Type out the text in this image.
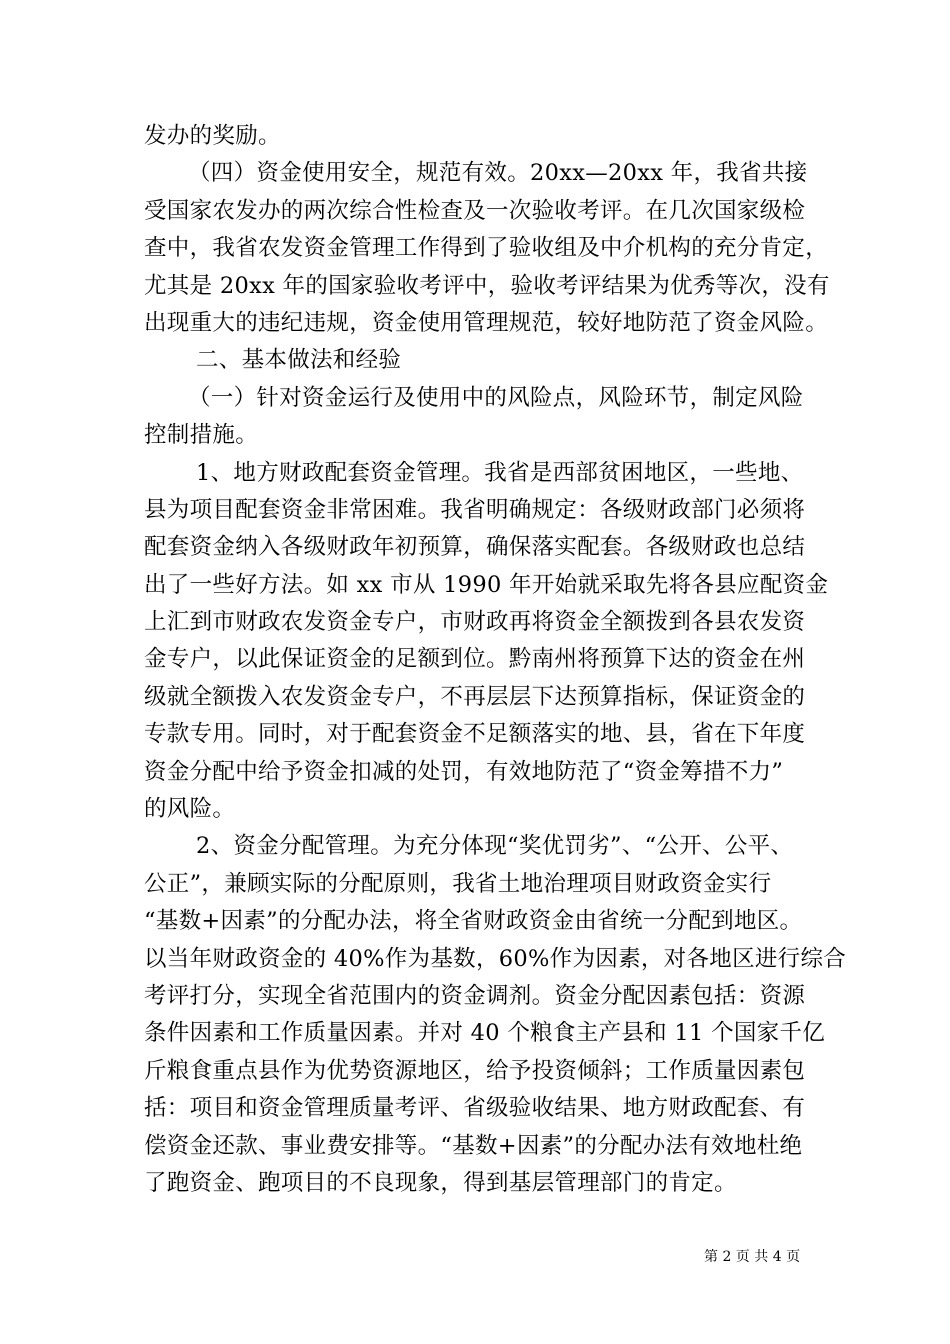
发办的奖励。
（四）资金使用安全，规范有效。20xx—20xx 年，我省共接
受国家农发办的两次综合性检查及一次验收考评。在几次国家级检
查中，我省农发资金管理工作得到了验收组及中介机构的充分肯定，
尤其是 20xx 年的国家验收考评中，验收考评结果为优秀等次，没有
出现重大的违纪违规，资金使用管理规范，较好地防范了资金风险。
二、基本做法和经验
（一）针对资金运行及使用中的风险点，风险环节，制定风险
控制措施。
1、地方财政配套资金管理。我省是西部贫困地区，一些地、
县为项目配套资金非常困难。我省明确规定：各级财政部门必须将
配套资金纳入各级财政年初预算，确保落实配套。各级财政也总结
出了一些好方法。如 xx 市从 1990 年开始就采取先将各县应配资金
上汇到市财政农发资金专户，市财政再将资金全额拨到各县农发资
金专户，以此保证资金的足额到位。黔南州将预算下达的资金在州
级就全额拨入农发资金专户，不再层层下达预算指标，保证资金的
专款专用。同时，对于配套资金不足额落实的地、县，省在下年度
资金分配中给予资金扣减的处罚，有效地防范了“资金筹措不力”
的风险。
2、资金分配管理。为充分体现“奖优罚劣”、“公开、公平、
公正”，兼顾实际的分配原则，我省土地治理项目财政资金实行
“基数+因素”的分配办法，将全省财政资金由省统一分配到地区。
以当年财政资金的 40%作为基数，60%作为因素，对各地区进行综合
考评打分，实现全省范围内的资金调剂。资金分配因素包括：资源
条件因素和工作质量因素。并对 40 个粮食主产县和 11 个国家千亿
斤粮食重点县作为优势资源地区，给予投资倾斜；工作质量因素包
括：项目和资金管理质量考评、省级验收结果、地方财政配套、有
偿资金还款、事业费安排等。“基数+因素”的分配办法有效地杜绝
了跑资金、跑项目的不良现象，得到基层管理部门的肯定。
第 2 页 共 4 页
